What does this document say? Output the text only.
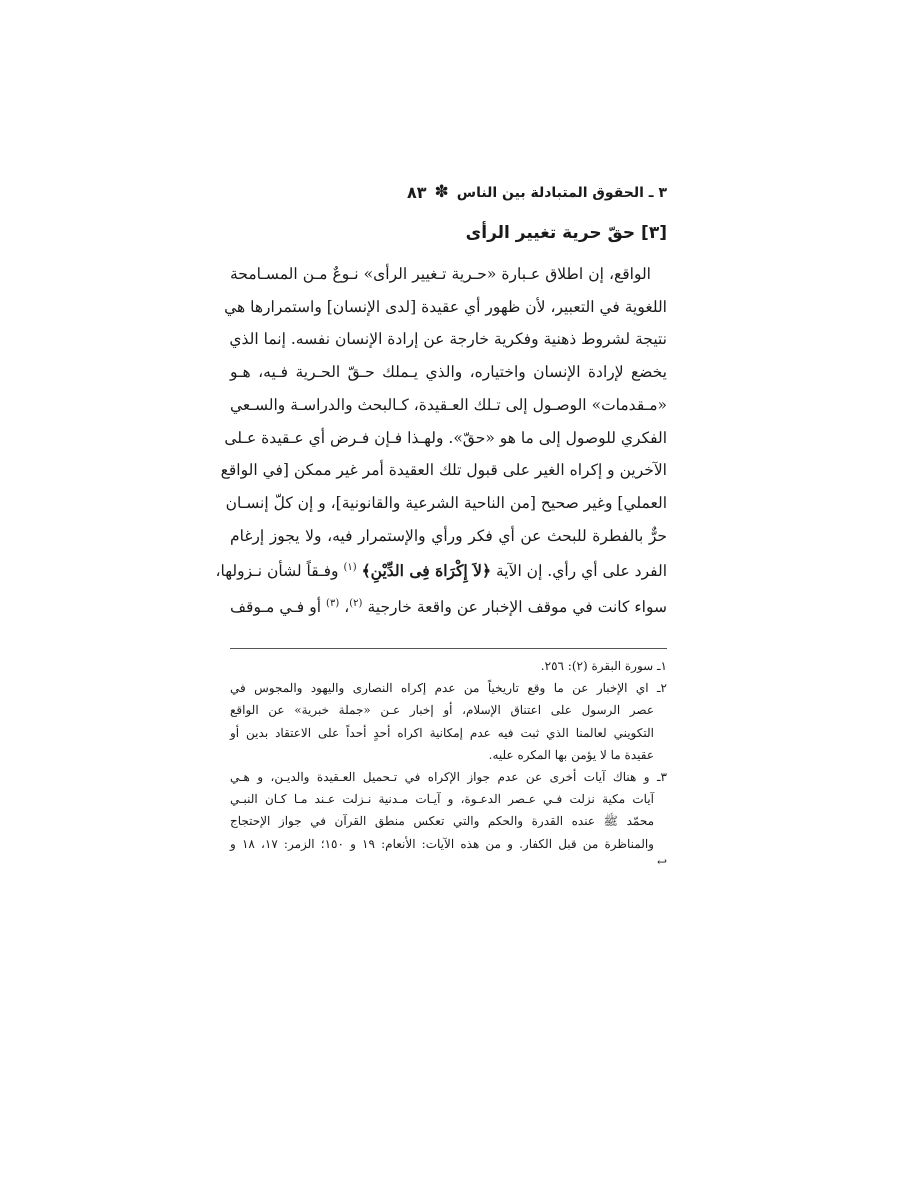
٣ ـ الحقوق المتبادلة بين الناس
✽
٨٣
[٣] حقّ حرية تغيير الرأى
الواقع، إن اطلاق عـبارة «حـرية تـغيير الرأى» نـوعٌ مـن المسـامحة
اللغوية في التعبير، لأن ظهور أي عقيدة [لدى الإنسان] واستمرارها هي
نتيجة لشروط ذهنية وفكرية خارجة عن إرادة الإنسان نفسه. إنما الذي
يخضع لإرادة الإنسان واختياره، والذي يـملك حـقّ الحـرية فـيه، هـو
«مـقدمات» الوصـول إلى تـلك العـقيدة، كـالبحث والدراسـة والسـعي
الفكري للوصول إلى ما هو «حقّ». ولهـذا فـإن فـرض أي عـقيدة عـلى
الآخرين و إكراه الغير على قبول تلك العقيدة أمر غير ممكن [في الواقع
العملي] وغير صحيح [من الناحية الشرعية والقانونية]، و إن كلّ إنسـان
حرٌّ بالفطرة للبحث عن أي فكر ورأي والإستمرار فيه، ولا يجوز إرغام
الفرد على أي رأي. إن الآية ﴿لاَ إِكْرَاهَ فِى الدِّيْنِ﴾ $^{(١)}$ وفـقاً لشأن نـزولها،
سواء كانت في موقف الإخبار عن واقعة خارجية $^{(٢)}$، $^{(٣)}$ أو فـي مـوقف
١ـ سورة البقرة (٢): ٢٥٦.
٢ـ اي الإخبار عن ما وقع تاريخياً من عدم إكراه النصارى واليهود والمجوس في
عصر الرسول على اعتناق الإسلام، أو إخبار عـن «جملة خبرية» عن الواقع
التكويني لعالمنا الذي ثبت فيه عدم إمكانية اكراه أحدٍ أحداً على الاعتقاد بدين أو
عقيدة ما لا يؤمن بها المكره عليه.
٣ـ و هناك آيات أخرى عن عدم جواز الإكراه في تـحميل العـقيدة والديـن، و هـي
آيات مكية نزلت فـي عـصر الدعـوة، و آيـات مـدنية نـزلت عـند مـا كـان النبـي
محمّد ﷺ عنده القدرة والحكم والتي تعكس منطق القرآن في جواز الإحتجاج
والمناظرة من قبل الكفار. و من هذه الآيات: الأنعام: ١٩ و ١٥٠؛ الزمر: ١٧، ١٨ و
↩
